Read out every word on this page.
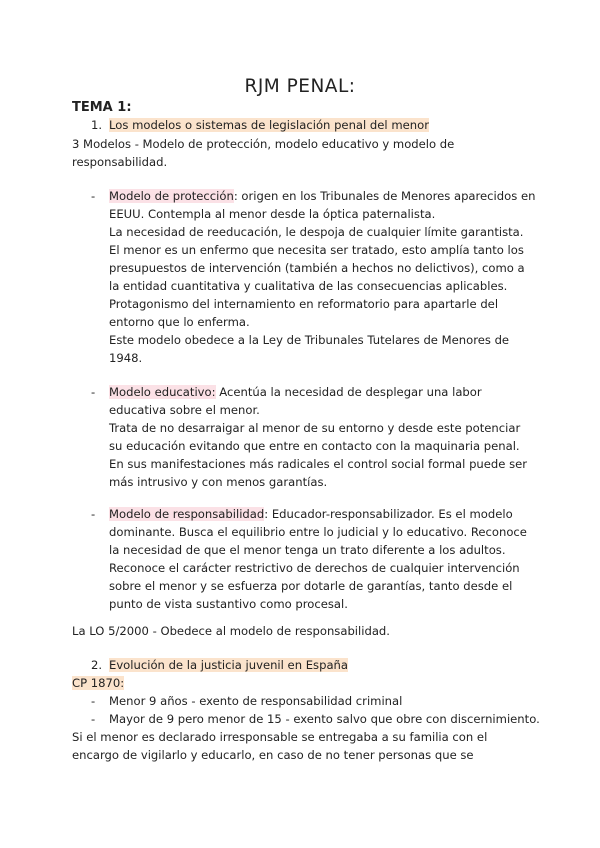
RJM PENAL:
TEMA 1:
1. Los modelos o sistemas de legislación penal del menor
3 Modelos - Modelo de protección, modelo educativo y modelo de
responsabilidad.
- Modelo de protección: origen en los Tribunales de Menores aparecidos en
EEUU. Contempla al menor desde la óptica paternalista.
La necesidad de reeducación, le despoja de cualquier límite garantista.
El menor es un enfermo que necesita ser tratado, esto amplía tanto los
presupuestos de intervención (también a hechos no delictivos), como a
la entidad cuantitativa y cualitativa de las consecuencias aplicables.
Protagonismo del internamiento en reformatorio para apartarle del
entorno que lo enferma.
Este modelo obedece a la Ley de Tribunales Tutelares de Menores de
1948.
- Modelo educativo: Acentúa la necesidad de desplegar una labor
educativa sobre el menor.
Trata de no desarraigar al menor de su entorno y desde este potenciar
su educación evitando que entre en contacto con la maquinaria penal.
En sus manifestaciones más radicales el control social formal puede ser
más intrusivo y con menos garantías.
- Modelo de responsabilidad: Educador-responsabilizador. Es el modelo
dominante. Busca el equilibrio entre lo judicial y lo educativo. Reconoce
la necesidad de que el menor tenga un trato diferente a los adultos.
Reconoce el carácter restrictivo de derechos de cualquier intervención
sobre el menor y se esfuerza por dotarle de garantías, tanto desde el
punto de vista sustantivo como procesal.
La LO 5/2000 - Obedece al modelo de responsabilidad.
2. Evolución de la justicia juvenil en España
CP 1870:
- Menor 9 años - exento de responsabilidad criminal
- Mayor de 9 pero menor de 15 - exento salvo que obre con discernimiento.
Si el menor es declarado irresponsable se entregaba a su familia con el
encargo de vigilarlo y educarlo, en caso de no tener personas que se
